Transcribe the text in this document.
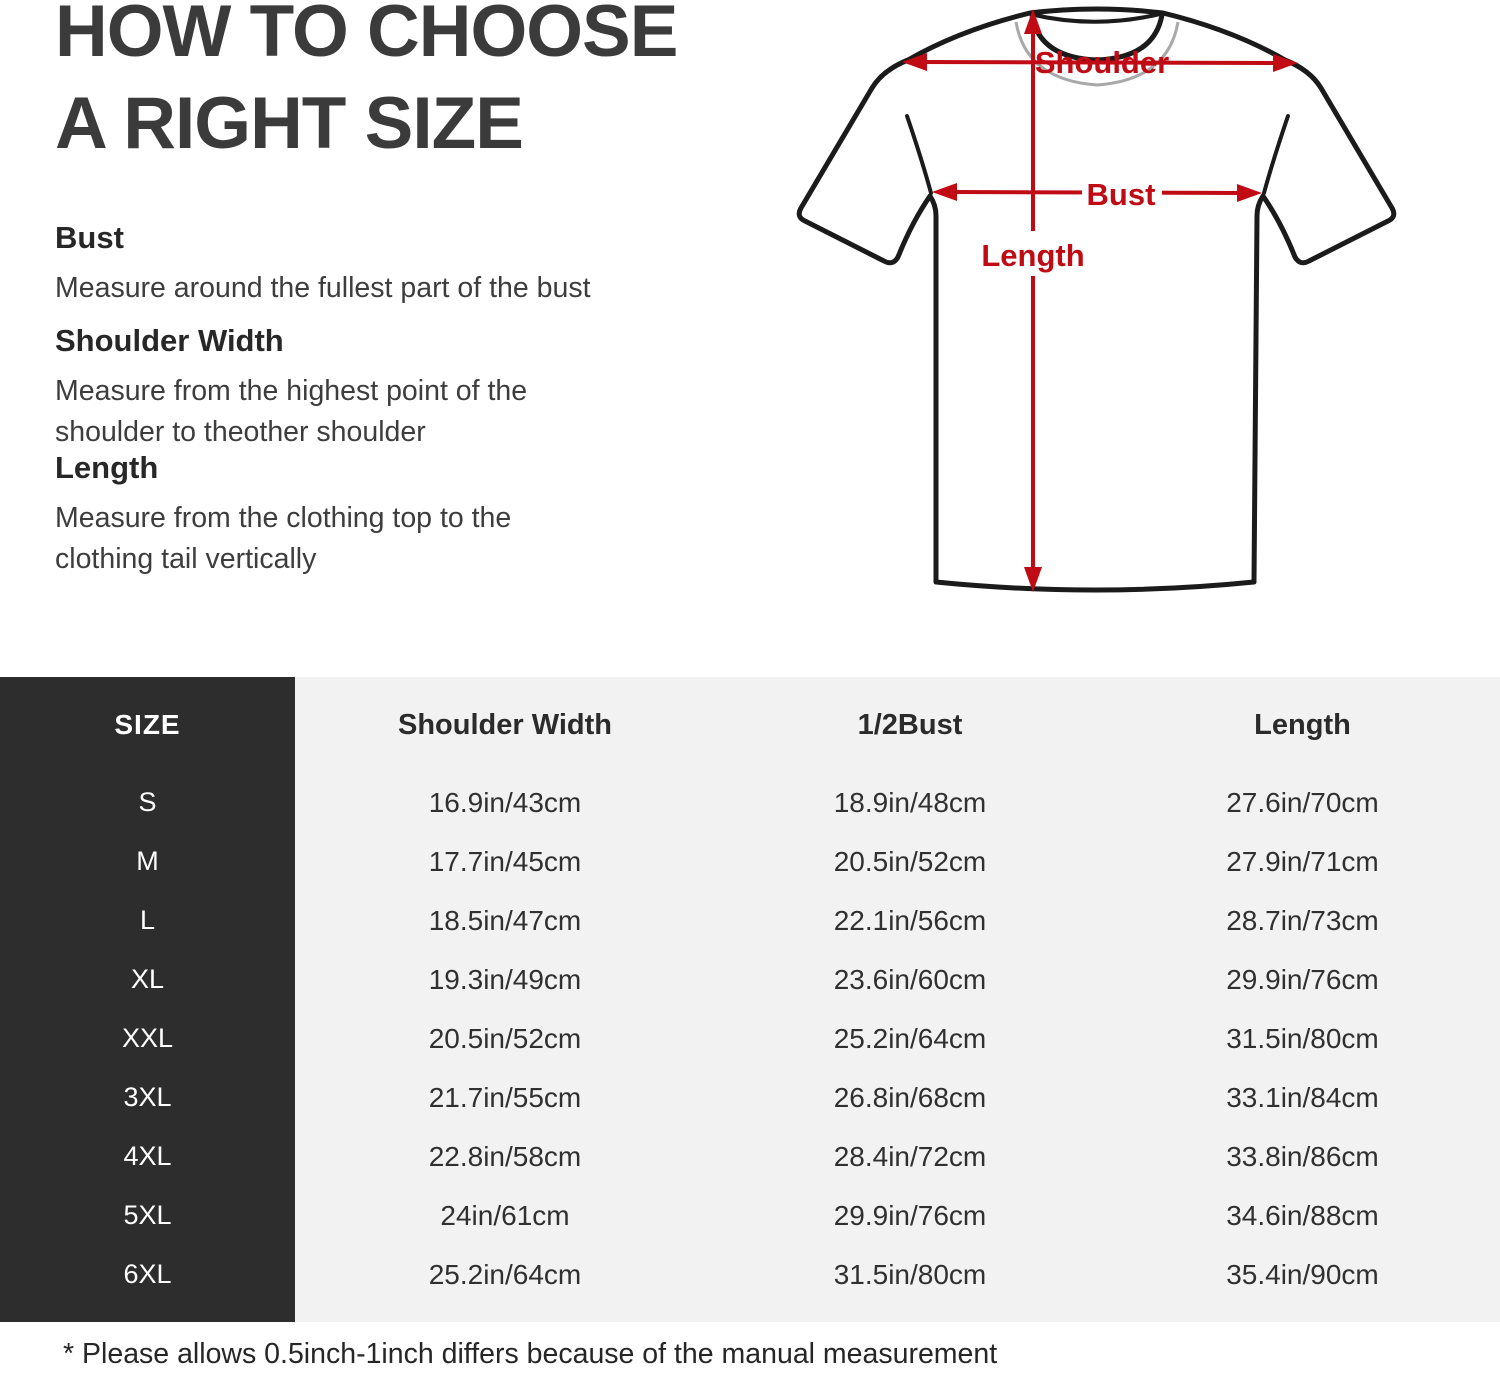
HOW TO CHOOSE
A RIGHT SIZE
Bust

Measure around the fullest part of the bust

Shoulder Width

Measure from the highest point of the
shoulder to theother shoulder

Length

Measure from the clothing top to the
clothing tail vertically

Shoulder
Bust
Length
SIZE	Shoulder Width	1/2Bust	Length
S	16.9in/43cm	18.9in/48cm	27.6in/70cm
M	17.7in/45cm	20.5in/52cm	27.9in/71cm
L	18.5in/47cm	22.1in/56cm	28.7in/73cm
XL	19.3in/49cm	23.6in/60cm	29.9in/76cm
XXL	20.5in/52cm	25.2in/64cm	31.5in/80cm
3XL	21.7in/55cm	26.8in/68cm	33.1in/84cm
4XL	22.8in/58cm	28.4in/72cm	33.8in/86cm
5XL	24in/61cm	29.9in/76cm	34.6in/88cm
6XL	25.2in/64cm	31.5in/80cm	35.4in/90cm

* Please allows 0.5inch-1inch differs because of the manual measurement
